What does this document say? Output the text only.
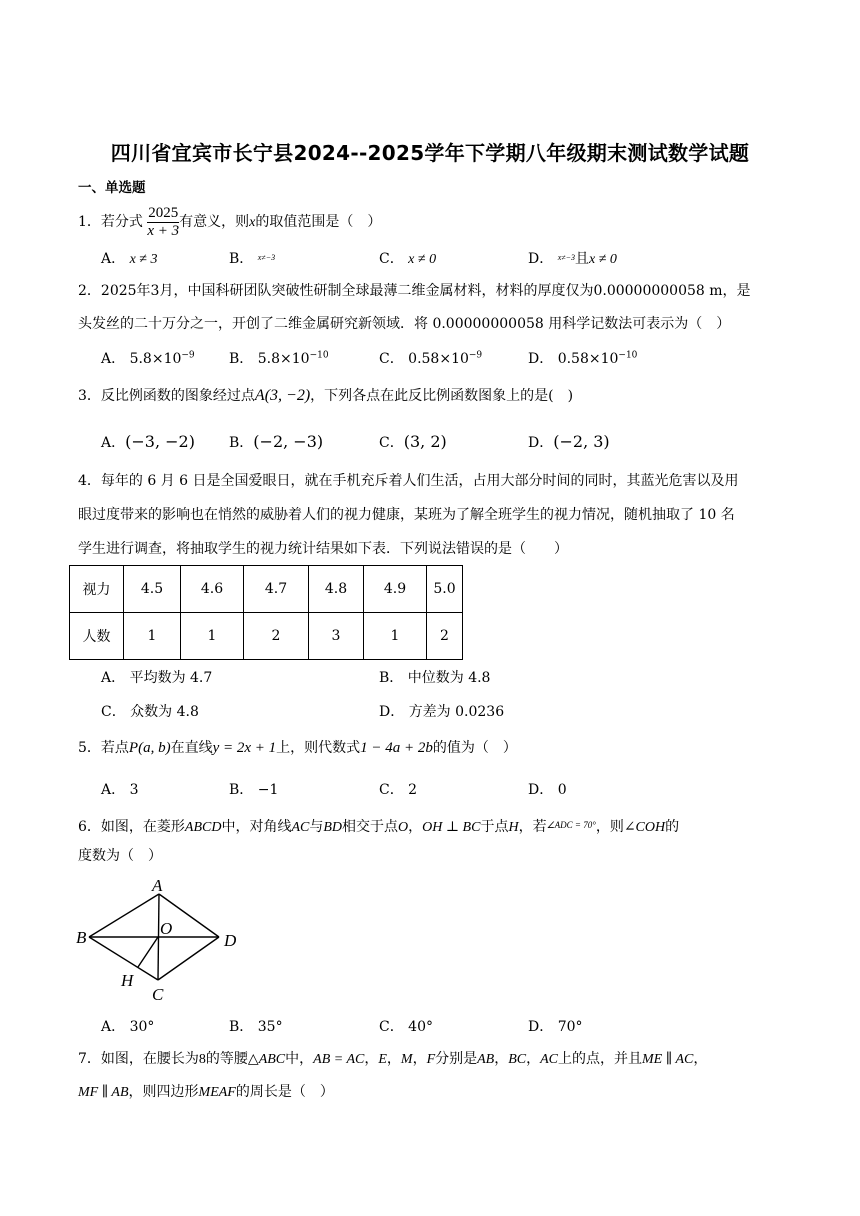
四川省宜宾市长宁县2024--2025学年下学期八年级期末测试数学试题
一、单选题
1．若分式 $\frac{2025}{x + 3}$ 有意义，则x的取值范围是（　）
A． x ≠ 3	B． $^{x\ne-3}$	C． x ≠ 0	D． $^{x\ne-3}$且x ≠ 0
2．2025年3月，中国科研团队突破性研制全球最薄二维金属材料，材料的厚度仅为0.00000000058 m，是
头发丝的二十万分之一，开创了二维金属研究新领域．将 0.00000000058 用科学记数法可表示为（　）
A． $5.8\times 10^{-9}$ B． $5.8\times 10^{-10}$	C． $0.58\times 10^{-9}$	D． $0.58\times 10^{-10}$
3．反比例函数的图象经过点A(3, −2)，下列各点在此反比例函数图象上的是(　)
A．(−3, −2) B．(−2, −3)	C．(3, 2)	D．(−2, 3)
4．每年的 6 月 6 日是全国爱眼日，就在手机充斥着人们生活，占用大部分时间的同时，其蓝光危害以及用
眼过度带来的影响也在悄然的威胁着人们的视力健康，某班为了解全班学生的视力情况，随机抽取了 10 名
学生进行调查，将抽取学生的视力统计结果如下表．下列说法错误的是（　　）
视力	4.5	4.6	4.7	4.8	4.9	5.0
人数	1	1	2	3	1	2
A． 平均数为 4.7	B． 中位数为 4.8
C． 众数为 4.8	D． 方差为 0.0236
5．若点P(a, b)在直线y = 2x + 1上，则代数式1 − 4a + 2b的值为（　）
A． 3	B． −1	C． 2	D． 0
6．如图，在菱形ABCD中，对角线AC与BD相交于点O，OH ⊥ BC于点H，若$^{\angle ADC = 70^\circ}$，则∠COH的
度数为（　）
A
B	D
O
H
C
A． 30°	B． 35°	C． 40°	D． 70°
7．如图，在腰长为8的等腰△ABC中，AB = AC，E，M，F分别是AB，BC，AC上的点，并且ME ∥ AC，
MF ∥ AB，则四边形MEAF的周长是（　）
